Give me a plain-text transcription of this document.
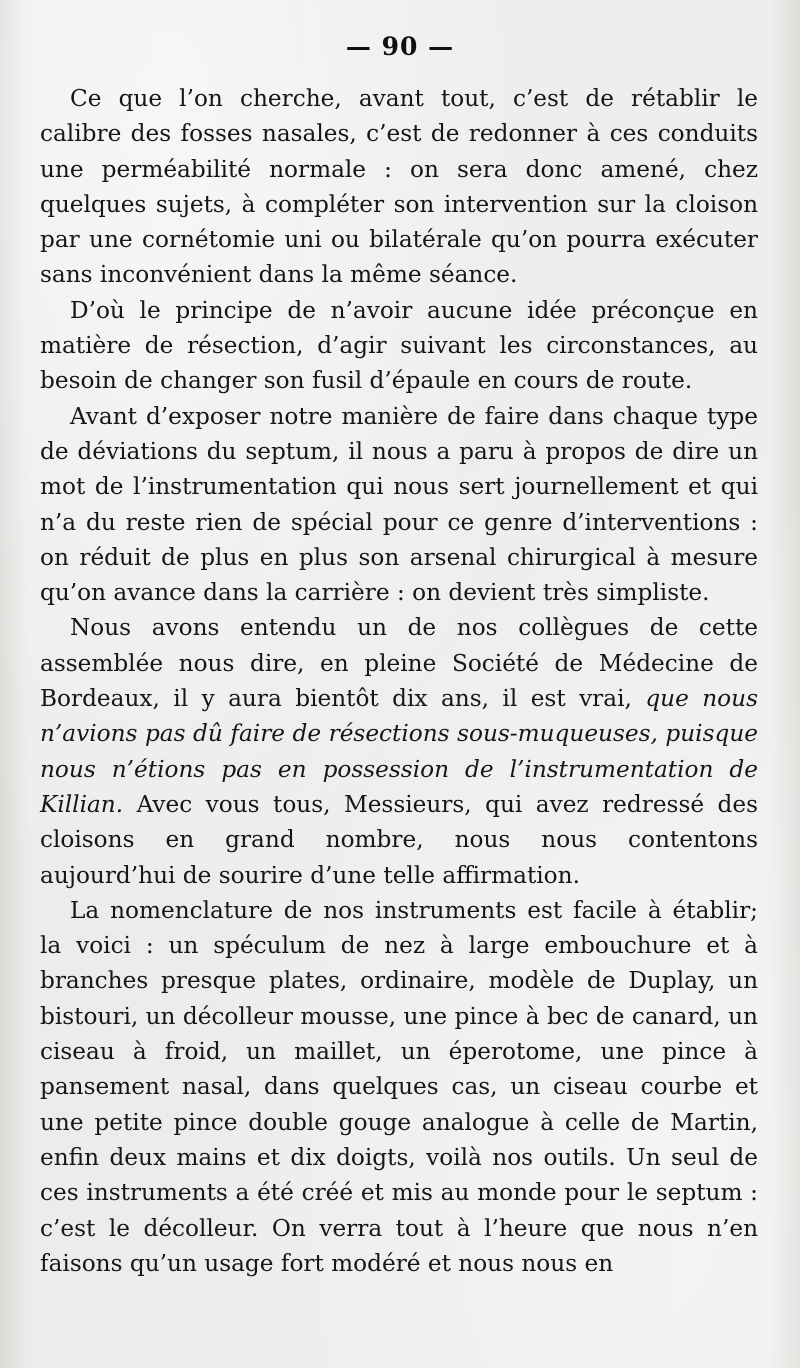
— 90 —

Ce que l’on cherche, avant tout, c’est de rétablir le calibre des fosses nasales, c’est de redonner à ces conduits une perméabilité normale : on sera donc amené, chez quelques sujets, à compléter son intervention sur la cloison par une cornétomie uni ou bilatérale qu’on pourra exécuter sans inconvénient dans la même séance.

D’où le principe de n’avoir aucune idée préconçue en matière de résection, d’agir suivant les circonstances, au besoin de changer son fusil d’épaule en cours de route.

Avant d’exposer notre manière de faire dans chaque type de déviations du septum, il nous a paru à propos de dire un mot de l’instrumentation qui nous sert journellement et qui n’a du reste rien de spécial pour ce genre d’interventions : on réduit de plus en plus son arsenal chirurgical à mesure qu’on avance dans la carrière : on devient très simpliste.

Nous avons entendu un de nos collègues de cette assemblée nous dire, en pleine Société de Médecine de Bordeaux, il y aura bientôt dix ans, il est vrai, que nous n’avions pas dû faire de résections sous-muqueuses, puisque nous n’étions pas en possession de l’instrumentation de Killian. Avec vous tous, Messieurs, qui avez redressé des cloisons en grand nombre, nous nous contentons aujourd’hui de sourire d’une telle affirmation.

La nomenclature de nos instruments est facile à établir; la voici : un spéculum de nez à large embouchure et à branches presque plates, ordinaire, modèle de Duplay, un bistouri, un décolleur mousse, une pince à bec de canard, un ciseau à froid, un maillet, un éperotome, une pince à pansement nasal, dans quelques cas, un ciseau courbe et une petite pince double gouge analogue à celle de Martin, enfin deux mains et dix doigts, voilà nos outils. Un seul de ces instruments a été créé et mis au monde pour le septum : c’est le décolleur. On verra tout à l’heure que nous n’en faisons qu’un usage fort modéré et nous nous en
